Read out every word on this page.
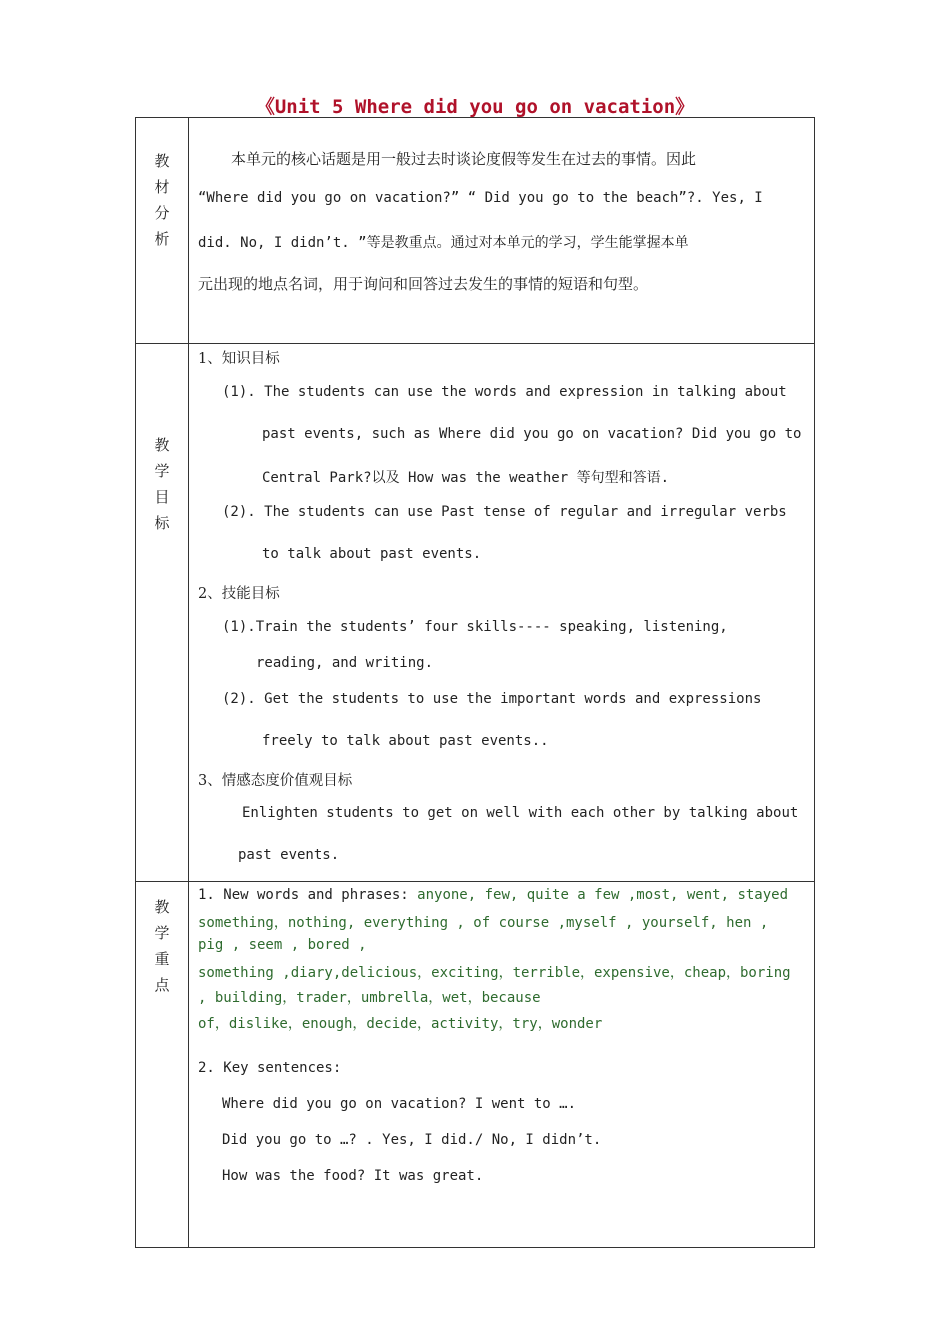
《Unit 5 Where did you go on vacation》
教
材
分
析
本单元的核心话题是用一般过去时谈论度假等发生在过去的事情。因此
“Where did you go on vacation?” “ Did you go to the beach”?. Yes, I
did. No, I didn’t. ”等是教重点。通过对本单元的学习，学生能掌握本单
元出现的地点名词，用于询问和回答过去发生的事情的短语和句型。
教
学
目
标
1、知识目标
(1). The students can use the words and expression in talking about
past events, such as Where did you go on vacation? Did you go to
Central Park?以及 How was the weather 等句型和答语.
(2). The students can use Past tense of regular and irregular verbs
to talk about past events.
2、技能目标
(1).Train the students’ four skills---- speaking, listening,
reading, and writing.
(2). Get the students to use the important words and expressions
freely to talk about past events..
3、情感态度价值观目标
Enlighten students to get on well with each other by talking about
past events.
教
学
重
点
1. New words and phrases: anyone, few, quite a few ,most, went, stayed
something，nothing, everything , of course ,myself , yourself, hen ,
pig , seem , bored ,
something ,diary,delicious，exciting，terrible，expensive，cheap，boring
, building，trader，umbrella，wet，because
of，dislike，enough，decide，activity，try，wonder
2. Key sentences:
Where did you go on vacation? I went to ….
Did you go to …? . Yes, I did./ No, I didn’t.
How was the food? It was great.
